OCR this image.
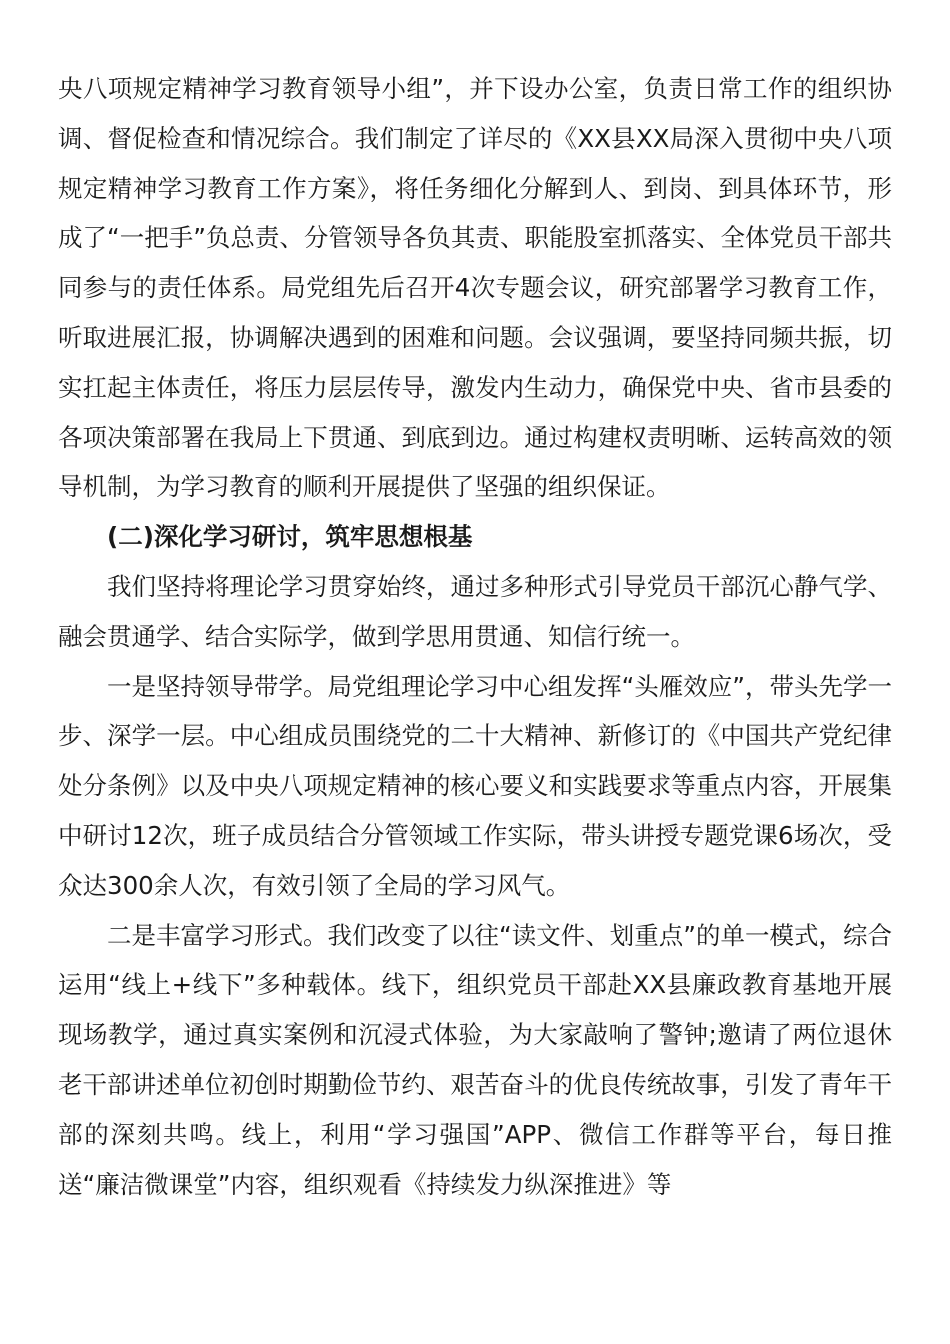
央八项规定精神学习教育领导小组”，并下设办公室，负责日常工作的组织协调、督促检查和情况综合。我们制定了详尽的《XX县XX局深入贯彻中央八项规定精神学习教育工作方案》，将任务细化分解到人、到岗、到具体环节，形成了“一把手”负总责、分管领导各负其责、职能股室抓落实、全体党员干部共同参与的责任体系。局党组先后召开4次专题会议，研究部署学习教育工作，听取进展汇报，协调解决遇到的困难和问题。会议强调，要坚持同频共振，切实扛起主体责任，将压力层层传导，激发内生动力，确保党中央、省市县委的各项决策部署在我局上下贯通、到底到边。通过构建权责明晰、运转高效的领导机制，为学习教育的顺利开展提供了坚强的组织保证。

(二)深化学习研讨，筑牢思想根基

我们坚持将理论学习贯穿始终，通过多种形式引导党员干部沉心静气学、融会贯通学、结合实际学，做到学思用贯通、知信行统一。

一是坚持领导带学。局党组理论学习中心组发挥“头雁效应”，带头先学一步、深学一层。中心组成员围绕党的二十大精神、新修订的《中国共产党纪律处分条例》以及中央八项规定精神的核心要义和实践要求等重点内容，开展集中研讨12次，班子成员结合分管领域工作实际，带头讲授专题党课6场次，受众达300余人次，有效引领了全局的学习风气。

二是丰富学习形式。我们改变了以往“读文件、划重点”的单一模式，综合运用“线上+线下”多种载体。线下，组织党员干部赴XX县廉政教育基地开展现场教学，通过真实案例和沉浸式体验，为大家敲响了警钟;邀请了两位退休老干部讲述单位初创时期勤俭节约、艰苦奋斗的优良传统故事，引发了青年干部的深刻共鸣。线上，利用“学习强国”APP、微信工作群等平台，每日推送“廉洁微课堂”内容，组织观看《持续发力纵深推进》等
